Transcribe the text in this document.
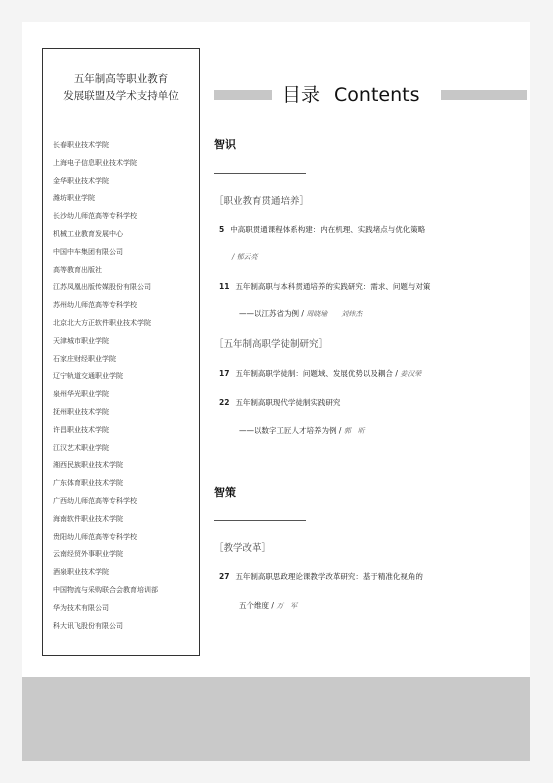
五年制高等职业教育
发展联盟及学术支持单位
长春职业技术学院
上海电子信息职业技术学院
金华职业技术学院
潍坊职业学院
长沙幼儿师范高等专科学校
机械工业教育发展中心
中国中车集团有限公司
高等教育出版社
江苏凤凰出版传媒股份有限公司
苏州幼儿师范高等专科学校
北京北大方正软件职业技术学院
天津城市职业学院
石家庄财经职业学院
辽宁轨道交通职业学院
泉州华光职业学院
抚州职业技术学院
许昌职业技术学院
江汉艺术职业学院
湘西民族职业技术学院
广东体育职业技术学院
广西幼儿师范高等专科学校
海南软件职业技术学院
贵阳幼儿师范高等专科学校
云南经贸外事职业学院
酒泉职业技术学院
中国物流与采购联合会教育培训部
华为技术有限公司
科大讯飞股份有限公司
目录 Contents
智识
［职业教育贯通培养］
5 中高职贯通课程体系构建：内在机理、实践堵点与优化策略
/ 郁云亮
11 五年制高职与本科贯通培养的实践研究：需求、问题与对策
——以江苏省为例 / 周晓瑜　　刘炜杰
［五年制高职学徒制研究］
17 五年制高职学徒制：问题域、发展优势以及耦合 / 姜汉荣
22 五年制高职现代学徒制实践研究
——以数字工匠人才培养为例 / 郭　昕
智策
［教学改革］
27 五年制高职思政理论课教学改革研究：基于精准化视角的
五个维度 / 万　军
